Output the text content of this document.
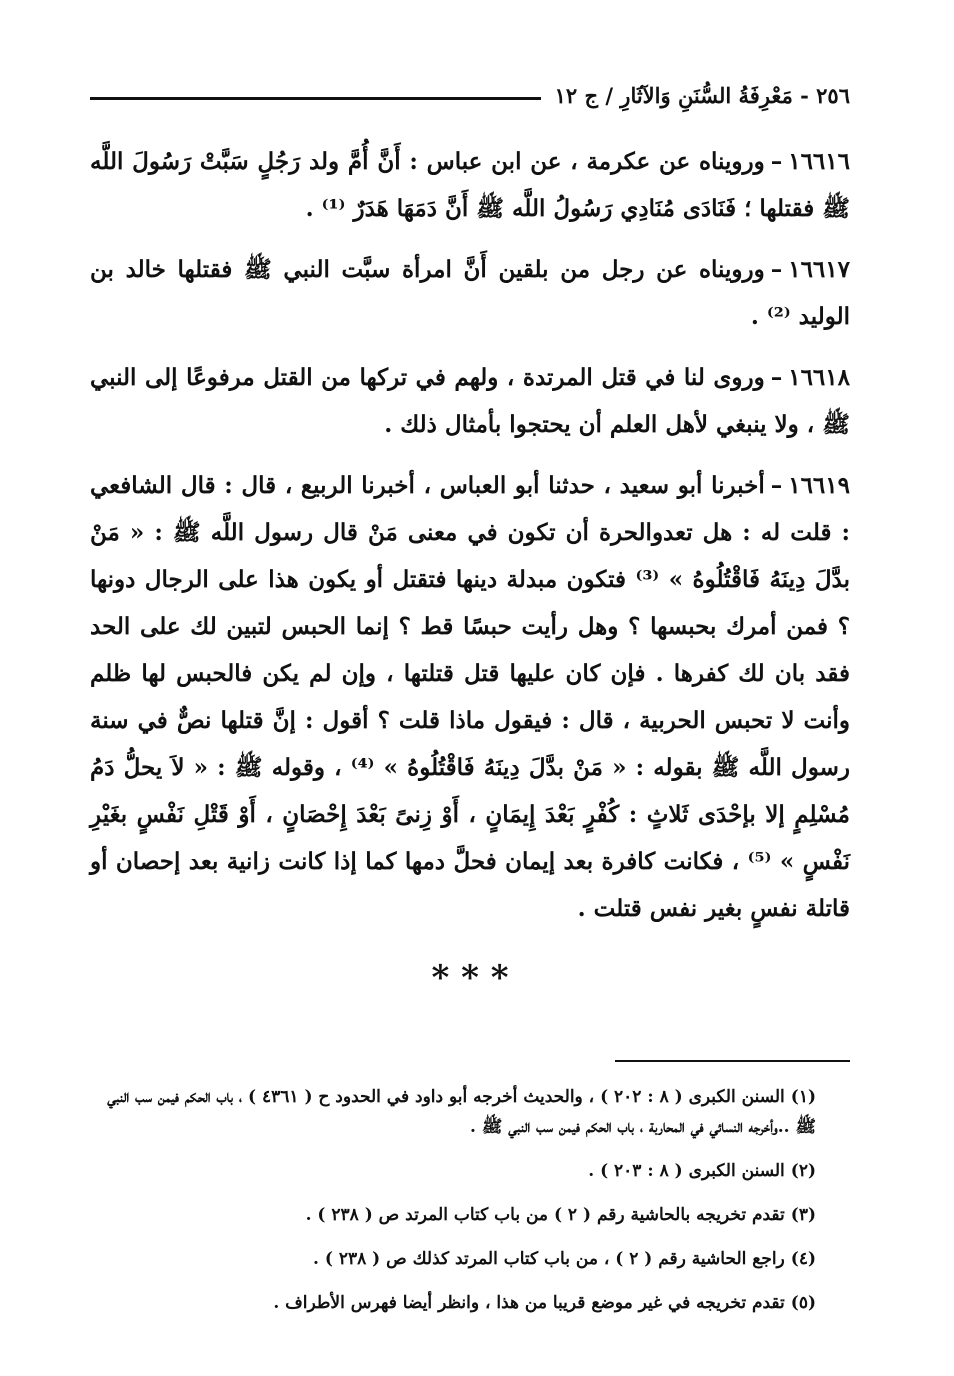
٢٥٦ - مَعْرِفَةُ السُّنَنِ وَالآثَارِ / ج ١٢

١٦٦١٦–ورويناه عن عكرمة ، عن ابن عباس : أَنَّ أُمَّ ولد رَجُلٍ سَبَّتْ رَسُولَ اللَّه ﷺ فقتلها ؛ فَنَادَى مُنَادِي رَسُولُ اللَّه ﷺ أَنَّ دَمَهَا هَدَرٌ ⁽¹⁾ .

١٦٦١٧–ورويناه عن رجل من بلقين أَنَّ امرأة سبَّت النبي ﷺ فقتلها خالد بن الوليد ⁽²⁾ .

١٦٦١٨–وروى لنا في قتل المرتدة ، ولهم في تركها من القتل مرفوعًا إلى النبي ﷺ ، ولا ينبغي لأهل العلم أن يحتجوا بأمثال ذلك .

١٦٦١٩–أخبرنا أبو سعيد ، حدثنا أبو العباس ، أخبرنا الربيع ، قال : قال الشافعي : قلت له : هل تعدوالحرة أن تكون في معنى مَنْ قال رسول اللَّه ﷺ : « مَنْ بدَّلَ دِينَهُ فَاقْتُلُوهُ » ⁽³⁾ فتكون مبدلة دينها فتقتل أو يكون هذا على الرجال دونها ؟ فمن أمرك بحبسها ؟ وهل رأيت حبسًا قط ؟ إنما الحبس لتبين لك على الحد فقد بان لك كفرها . فإن كان عليها قتل قتلتها ، وإن لم يكن فالحبس لها ظلم وأنت لا تحبس الحربية ، قال : فيقول ماذا قلت ؟ أقول : إنَّ قتلها نصٌّ في سنة رسول اللَّه ﷺ بقوله : « مَنْ بدَّلَ دِينَهُ فَاقْتُلُوهُ » ⁽⁴⁾ ، وقوله ﷺ : « لاَ يحلُّ دَمُ مُسْلِمٍ إلا بإحْدَى ثَلاثٍ : كُفْرٍ بَعْدَ إِيمَانٍ ، أَوْ زِنىً بَعْدَ إِحْصَانٍ ، أَوْ قَتْلِ نَفْسٍ بغَيْرِ نَفْسٍ » ⁽⁵⁾ ، فكانت كافرة بعد إيمان فحلَّ دمها كما إذا كانت زانية بعد إحصان أو قاتلة نفسٍ بغير نفس قتلت .

* * *

(١)السنن الكبرى ( ٨ : ٢٠٢ ) ، والحديث أخرجه أبو داود في الحدود ح ( ٤٣٦١ ) ، باب الحكم فيمن سب النبي ﷺ ..وأخرجه النسائي في المحاربة ، باب الحكم فيمن سب النبي ﷺ .

(٢)السنن الكبرى ( ٨ : ٢٠٣ ) .

(٣)تقدم تخريجه بالحاشية رقم ( ٢ ) من باب كتاب المرتد ص ( ٢٣٨ ) .

(٤)راجع الحاشية رقم ( ٢ ) ، من باب كتاب المرتد كذلك ص ( ٢٣٨ ) .

(٥)تقدم تخريجه في غير موضع قريبا من هذا ، وانظر أيضا فهرس الأطراف .
